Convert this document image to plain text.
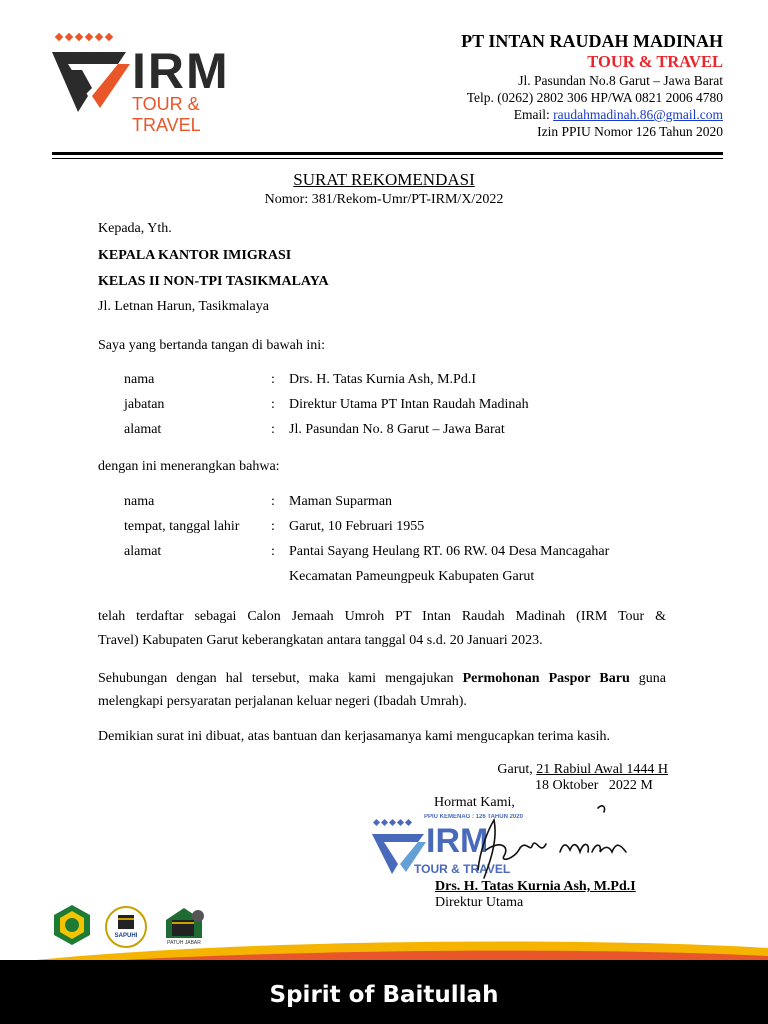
IRM
TOUR & TRAVEL
PT INTAN RAUDAH MADINAH
TOUR & TRAVEL
Jl. Pasundan No.8 Garut – Jawa Barat
Telp. (0262) 2802 306 HP/WA 0821 2006 4780
Email: raudahmadinah.86@gmail.com
Izin PPIU Nomor 126 Tahun 2020
SURAT REKOMENDASI
Nomor: 381/Rekom-Umr/PT-IRM/X/2022
Kepada, Yth.
KEPALA KANTOR IMIGRASI
KELAS II NON-TPI TASIKMALAYA
Jl. Letnan Harun, Tasikmalaya
Saya yang bertanda tangan di bawah ini:
nama	: Drs. H. Tatas Kurnia Ash, M.Pd.I
jabatan	: Direktur Utama PT Intan Raudah Madinah
alamat	: Jl. Pasundan No. 8 Garut – Jawa Barat
dengan ini menerangkan bahwa:
nama	: Maman Suparman
tempat, tanggal lahir : Garut, 10 Februari 1955
alamat	: Pantai Sayang Heulang RT. 06 RW. 04 Desa Mancagahar
Kecamatan Pameungpeuk Kabupaten Garut
telah terdaftar sebagai Calon Jemaah Umroh PT Intan Raudah Madinah (IRM Tour &
Travel) Kabupaten Garut keberangkatan antara tanggal 04 s.d. 20 Januari 2023.
Sehubungan dengan hal tersebut, maka kami mengajukan Permohonan Paspor Baru guna
melengkapi persyaratan perjalanan keluar negeri (Ibadah Umrah).
Demikian surat ini dibuat, atas bantuan dan kerjasamanya kami mengucapkan terima kasih.
Garut, 21 Rabiul Awal 1444 H
18 Oktober 2022 M
Hormat Kami,
PPIU KEMENAG : 126 TAHUN 2020
IRM
TOUR & TRAVEL
Drs. H. Tatas Kurnia Ash, M.Pd.I
Direktur Utama
SAPUHI
PATUH JABAR
Spirit of Baitullah
